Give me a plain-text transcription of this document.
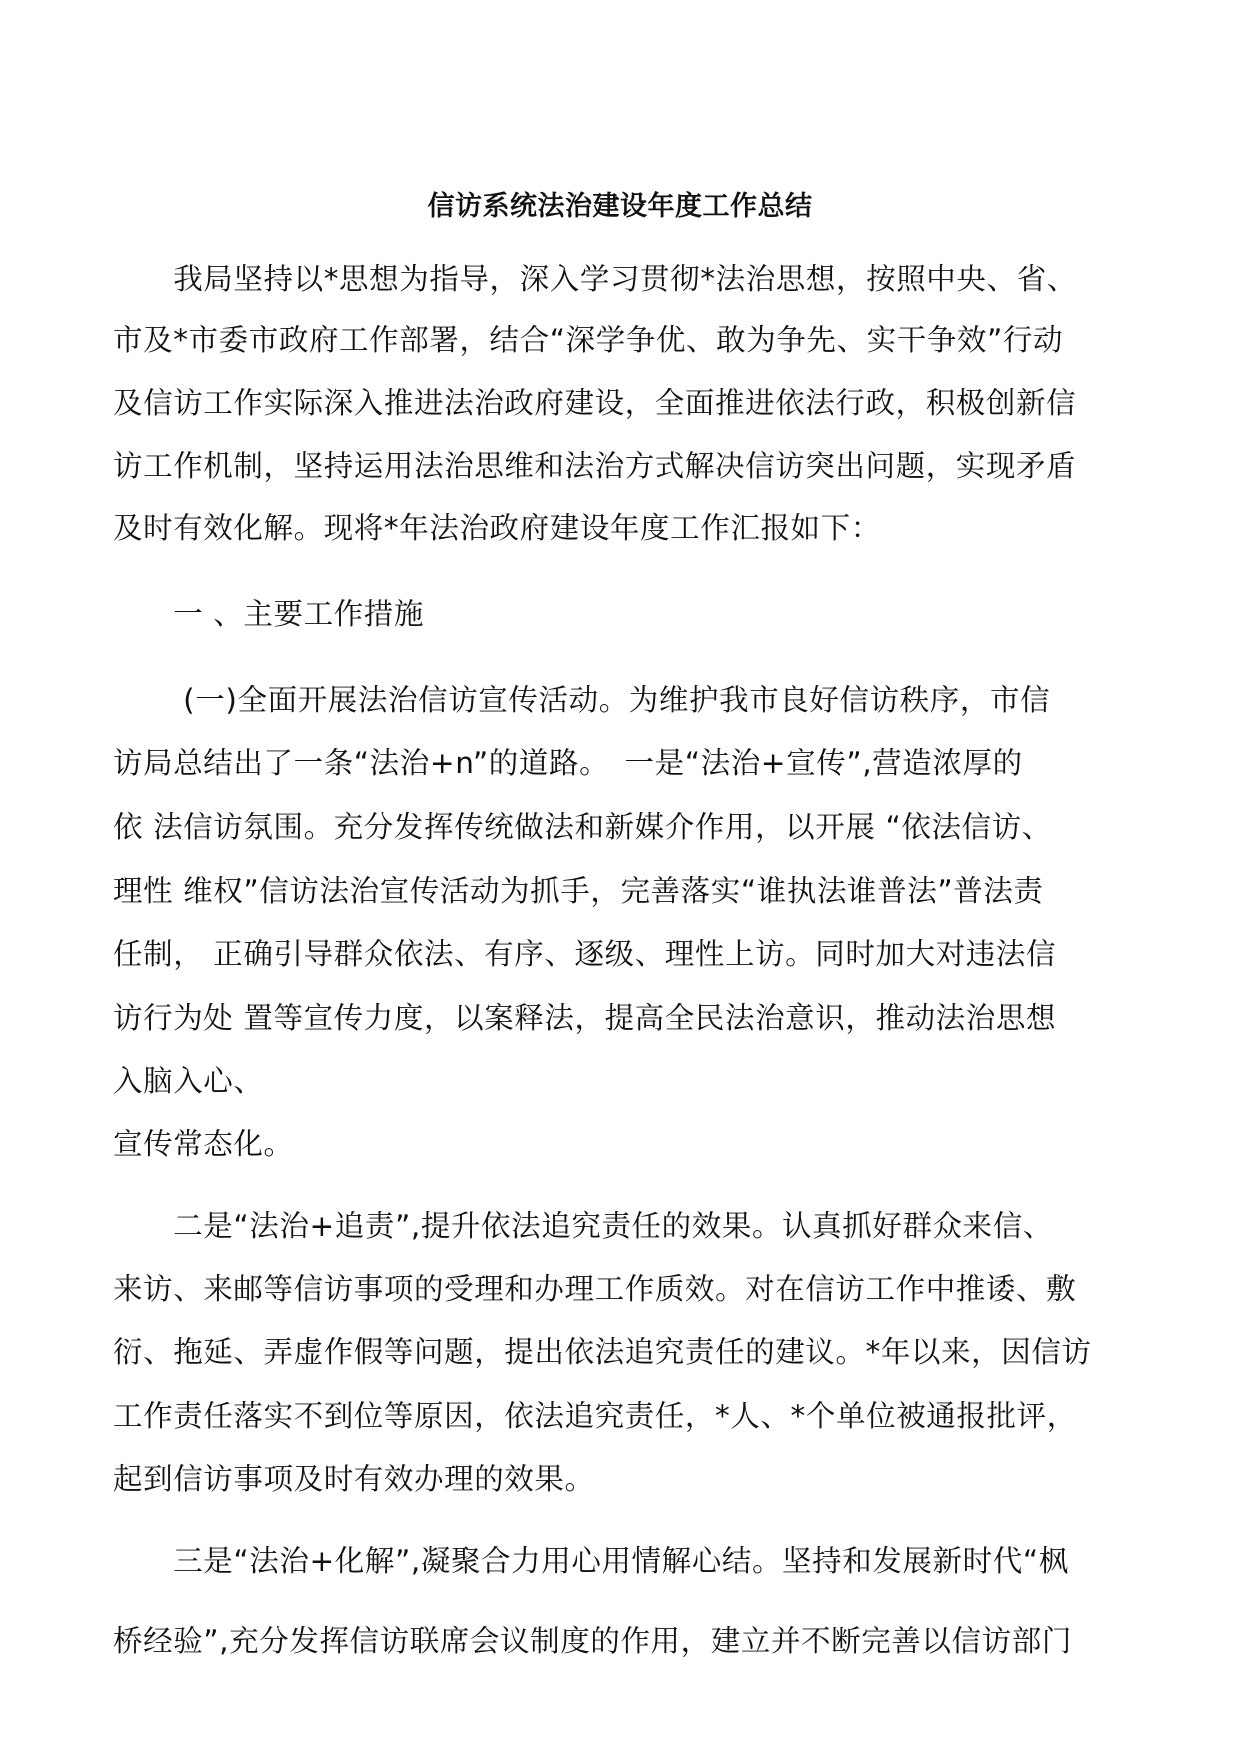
信访系统法治建设年度工作总结
　　我局坚持以*思想为指导，深入学习贯彻*法治思想，按照中央、省、
市及*市委市政府工作部署，结合“深学争优、敢为争先、实干争效”行动
及信访工作实际深入推进法治政府建设，全面推进依法行政，积极创新信
访工作机制，坚持运用法治思维和法治方式解决信访突出问题，实现矛盾
及时有效化解。现将*年法治政府建设年度工作汇报如下：
　　一 、主要工作措施
　　 (一)全面开展法治信访宣传活动。为维护我市良好信访秩序，市信
访局总结出了一条“法治+n”的道路。　一是“法治+宣传”,营造浓厚的
依 法信访氛围。充分发挥传统做法和新媒介作用，以开展 “依法信访、
理性 维权”信访法治宣传活动为抓手，完善落实“谁执法谁普法”普法责
任制， 正确引导群众依法、有序、逐级、理性上访。同时加大对违法信
访行为处 置等宣传力度，以案释法，提高全民法治意识，推动法治思想
入脑入心、
宣传常态化。
　　二是“法治+追责”,提升依法追究责任的效果。认真抓好群众来信、
来访、来邮等信访事项的受理和办理工作质效。对在信访工作中推诿、敷
衍、拖延、弄虚作假等问题，提出依法追究责任的建议。*年以来，因信访
工作责任落实不到位等原因，依法追究责任，*人、*个单位被通报批评，
起到信访事项及时有效办理的效果。
　　三是“法治+化解”,凝聚合力用心用情解心结。坚持和发展新时代“枫
桥经验”,充分发挥信访联席会议制度的作用，建立并不断完善以信访部门
